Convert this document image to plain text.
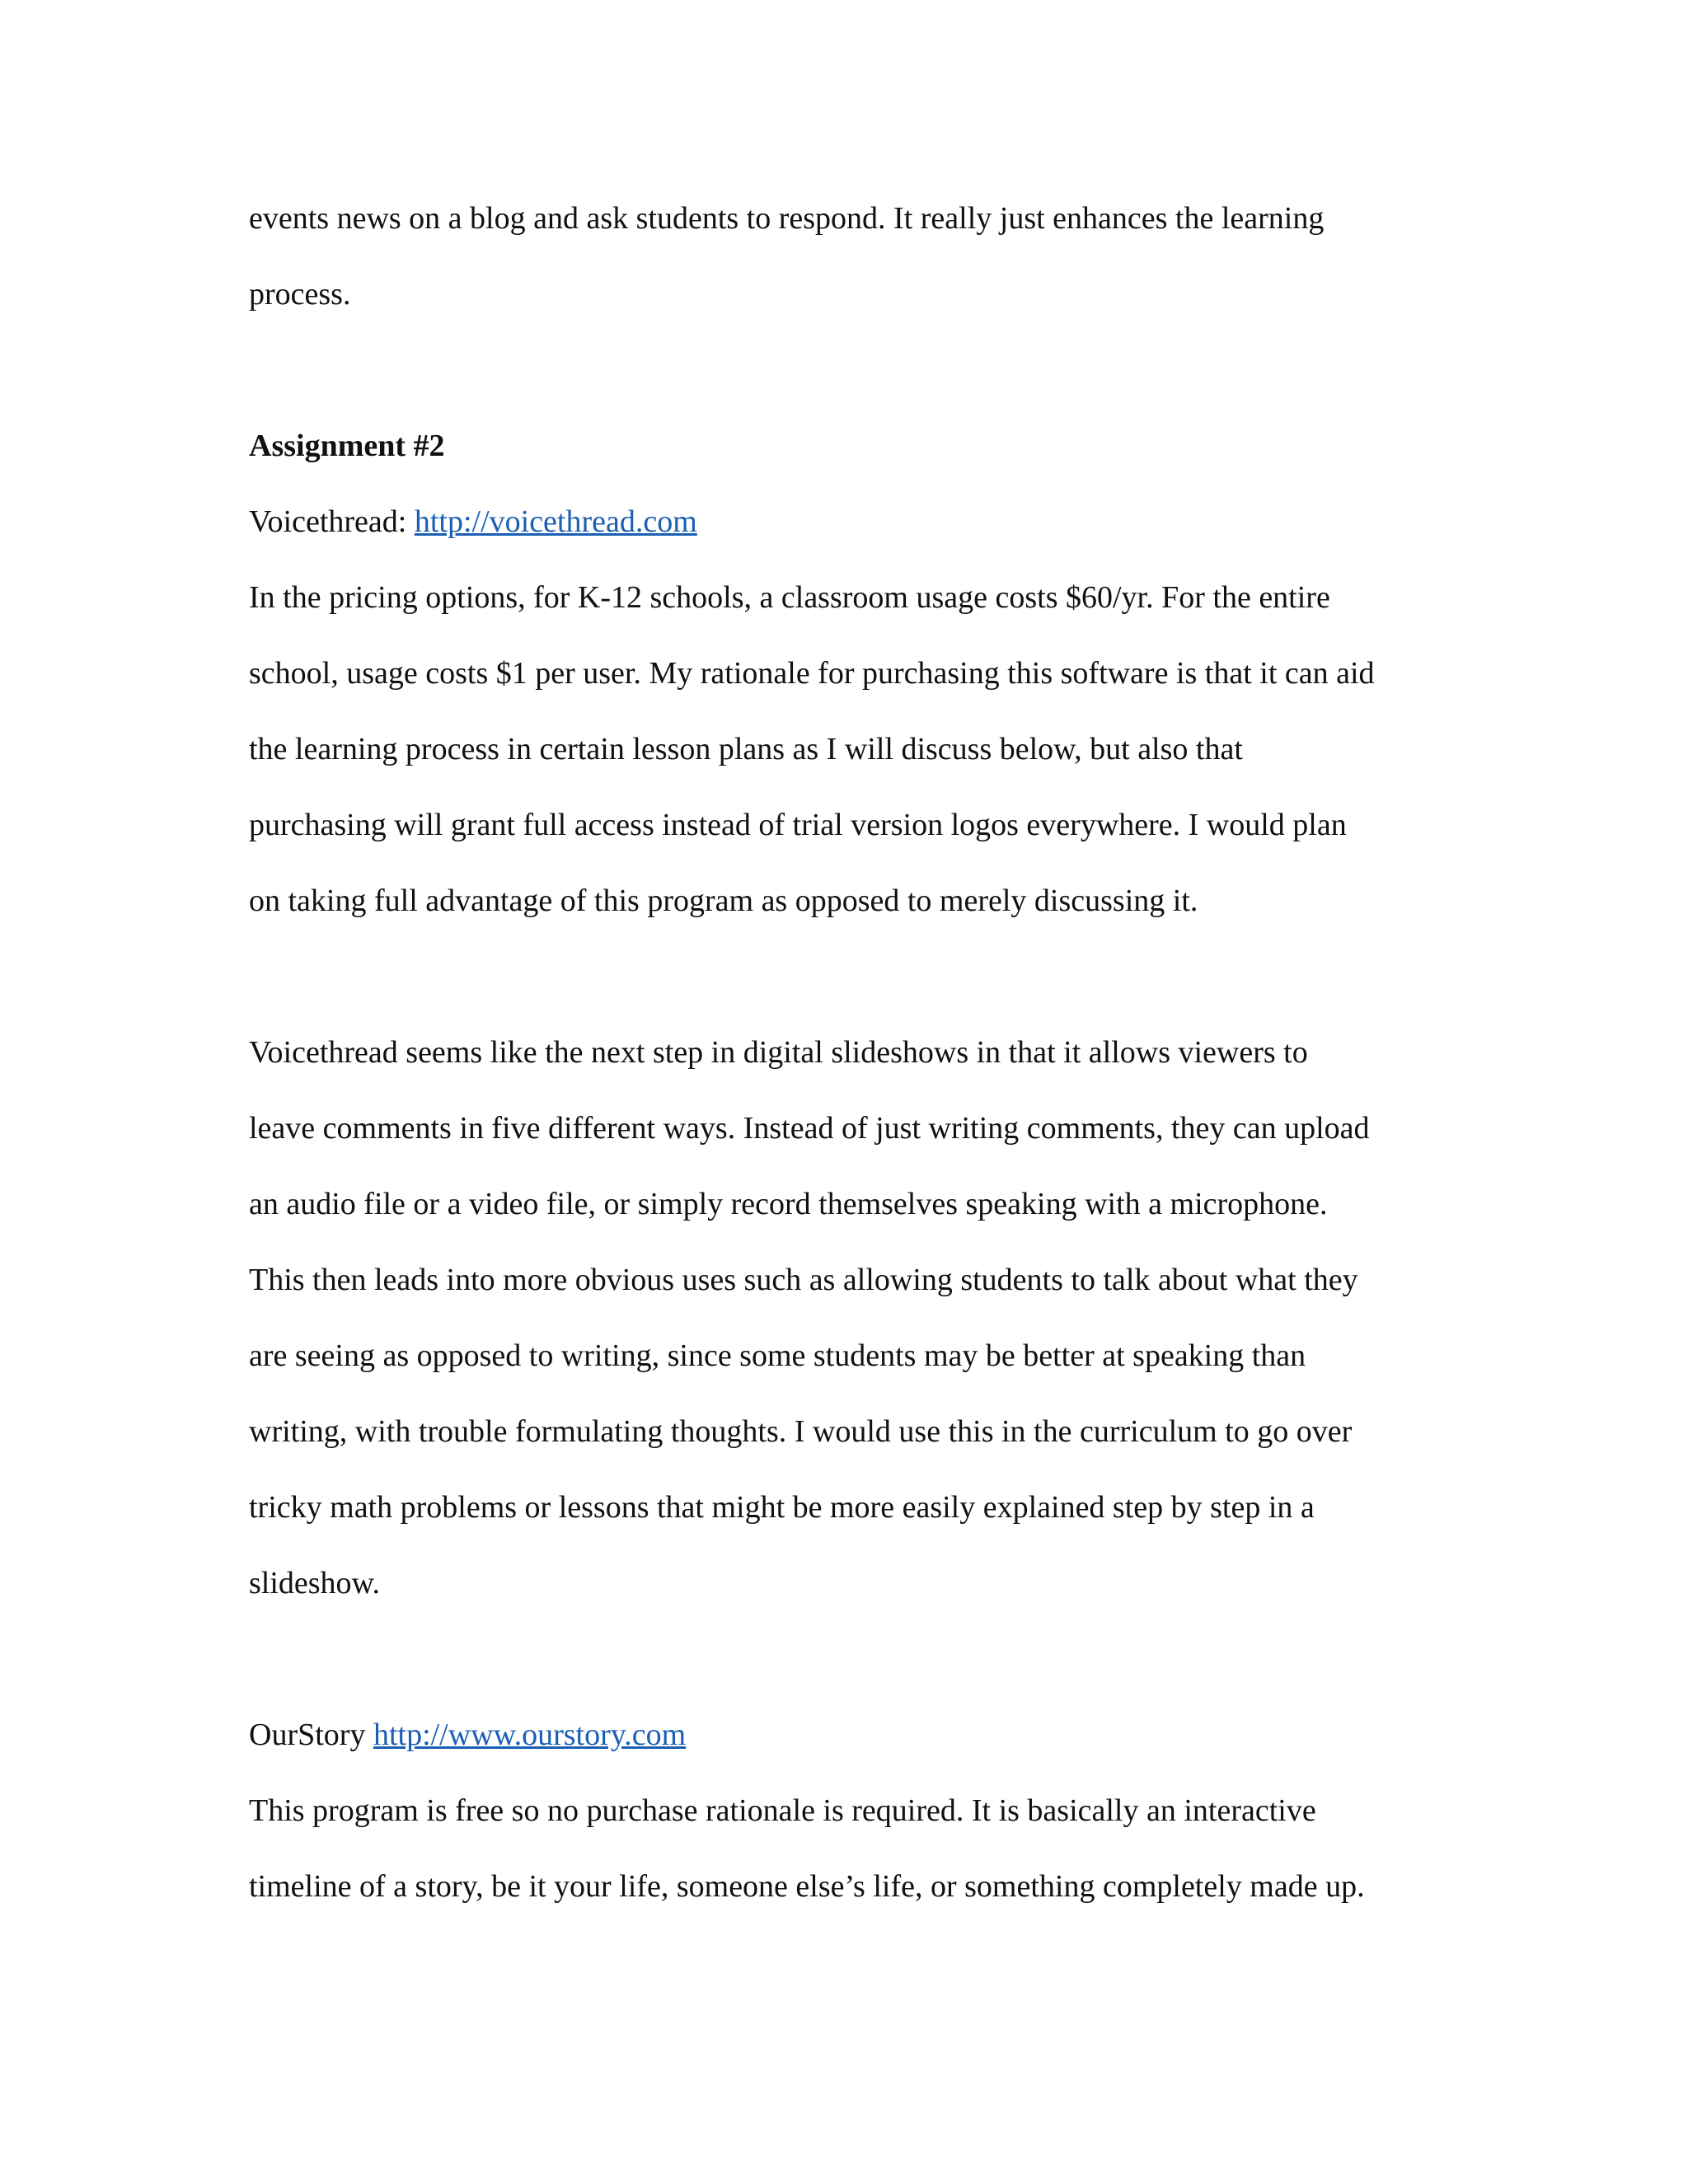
events news on a blog and ask students to respond. It really just enhances the learning
process.
Assignment #2
Voicethread: http://voicethread.com
In the pricing options, for K-12 schools, a classroom usage costs $60/yr. For the entire
school, usage costs $1 per user. My rationale for purchasing this software is that it can aid
the learning process in certain lesson plans as I will discuss below, but also that
purchasing will grant full access instead of trial version logos everywhere. I would plan
on taking full advantage of this program as opposed to merely discussing it.
Voicethread seems like the next step in digital slideshows in that it allows viewers to
leave comments in five different ways. Instead of just writing comments, they can upload
an audio file or a video file, or simply record themselves speaking with a microphone.
This then leads into more obvious uses such as allowing students to talk about what they
are seeing as opposed to writing, since some students may be better at speaking than
writing, with trouble formulating thoughts. I would use this in the curriculum to go over
tricky math problems or lessons that might be more easily explained step by step in a
slideshow.
OurStory http://www.ourstory.com
This program is free so no purchase rationale is required. It is basically an interactive
timeline of a story, be it your life, someone else’s life, or something completely made up.
